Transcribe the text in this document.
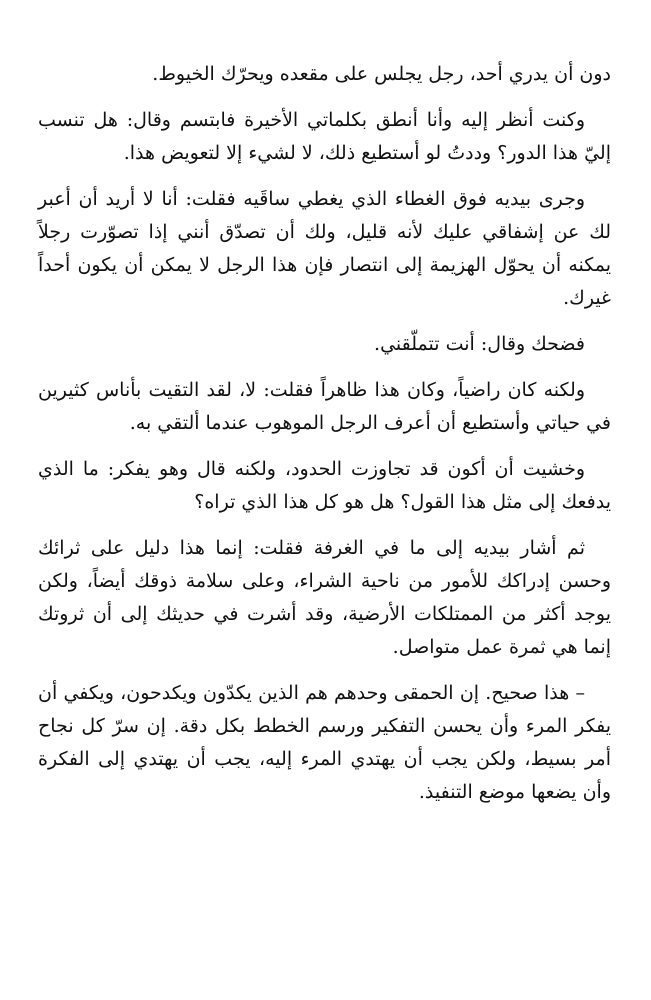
دون أن يدري أحد، رجل يجلس على مقعده ويحرّك الخيوط.

وكنت أنظر إليه وأنا أنطق بكلماتي الأخيرة فابتسم وقال: هل تنسب إليّ هذا الدور؟ وددتُ لو أستطيع ذلك، لا لشيء إلا لتعويض هذا.

وجرى بيديه فوق الغطاء الذي يغطي ساقَيه فقلت: أنا لا أريد أن أعبر لك عن إشفاقي عليك لأنه قليل، ولك أن تصدّق أنني إذا تصوّرت رجلاً يمكنه أن يحوّل الهزيمة إلى انتصار فإن هذا الرجل لا يمكن أن يكون أحداً غيرك.

فضحك وقال: أنت تتملّقني.

ولكنه كان راضياً، وكان هذا ظاهراً فقلت: لا، لقد التقيت بأناس كثيرين في حياتي وأستطيع أن أعرف الرجل الموهوب عندما ألتقي به.

وخشيت أن أكون قد تجاوزت الحدود، ولكنه قال وهو يفكر: ما الذي يدفعك إلى مثل هذا القول؟ هل هو كل هذا الذي تراه؟

ثم أشار بيديه إلى ما في الغرفة فقلت: إنما هذا دليل على ثرائك وحسن إدراكك للأمور من ناحية الشراء، وعلى سلامة ذوقك أيضاً، ولكن يوجد أكثر من الممتلكات الأرضية، وقد أشرت في حديثك إلى أن ثروتك إنما هي ثمرة عمل متواصل.

– هذا صحيح. إن الحمقى وحدهم هم الذين يكدّون ويكدحون، ويكفي أن يفكر المرء وأن يحسن التفكير ورسم الخطط بكل دقة. إن سرّ كل نجاح أمر بسيط، ولكن يجب أن يهتدي المرء إليه، يجب أن يهتدي إلى الفكرة وأن يضعها موضع التنفيذ.
